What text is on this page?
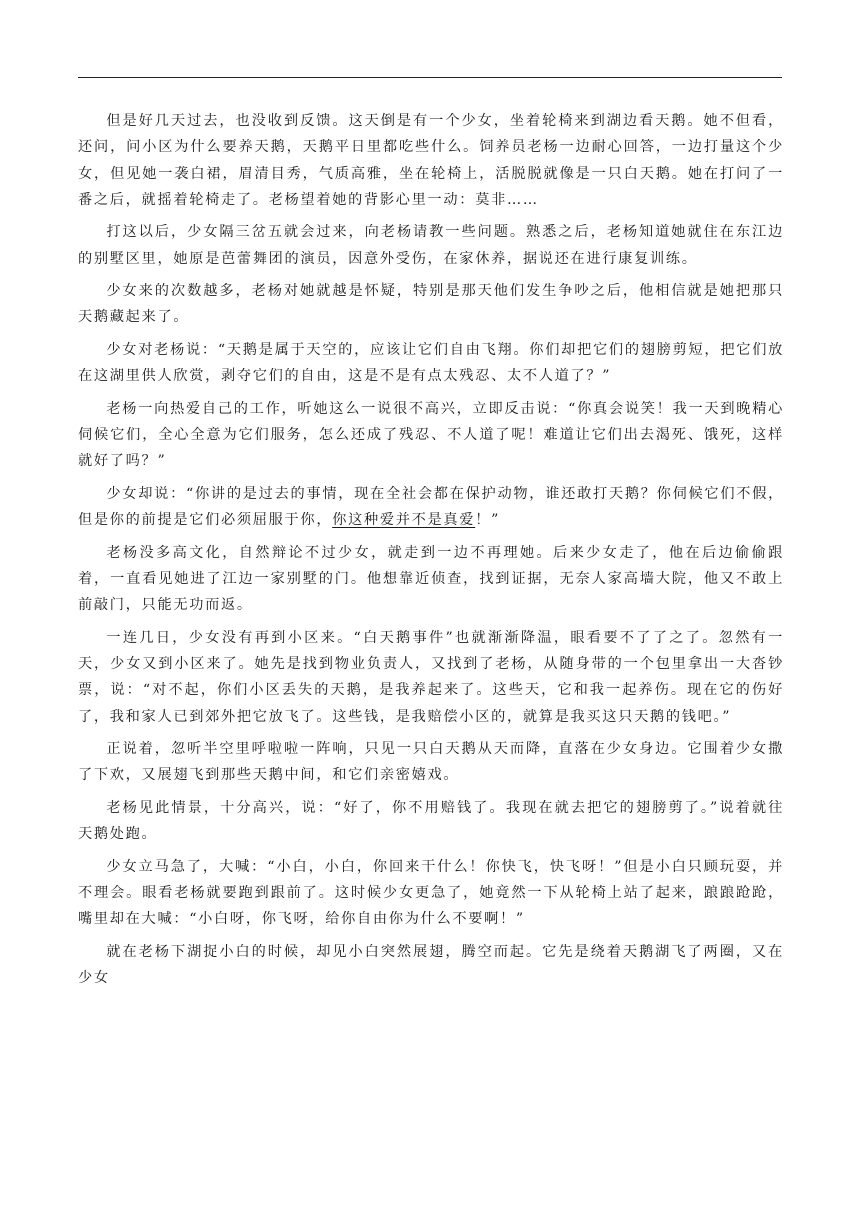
但是好几天过去，也没收到反馈。这天倒是有一个少女，坐着轮椅来到湖边看天鹅。她不但看，还问，问小区为什么要养天鹅，天鹅平日里都吃些什么。饲养员老杨一边耐心回答，一边打量这个少女，但见她一袭白裙，眉清目秀，气质高雅，坐在轮椅上，活脱脱就像是一只白天鹅。她在打问了一番之后，就摇着轮椅走了。老杨望着她的背影心里一动：莫非……

打这以后，少女隔三岔五就会过来，向老杨请教一些问题。熟悉之后，老杨知道她就住在东江边的别墅区里，她原是芭蕾舞团的演员，因意外受伤，在家休养，据说还在进行康复训练。

少女来的次数越多，老杨对她就越是怀疑，特别是那天他们发生争吵之后，他相信就是她把那只天鹅藏起来了。

少女对老杨说：“天鹅是属于天空的，应该让它们自由飞翔。你们却把它们的翅膀剪短，把它们放在这湖里供人欣赏，剥夺它们的自由，这是不是有点太残忍、太不人道了？”

老杨一向热爱自己的工作，听她这么一说很不高兴，立即反击说：“你真会说笑！我一天到晚精心伺候它们，全心全意为它们服务，怎么还成了残忍、不人道了呢！难道让它们出去渴死、饿死，这样就好了吗？”

少女却说：“你讲的是过去的事情，现在全社会都在保护动物，谁还敢打天鹅？你伺候它们不假，但是你的前提是它们必须屈服于你，你这种爱并不是真爱！”

老杨没多高文化，自然辩论不过少女，就走到一边不再理她。后来少女走了，他在后边偷偷跟着，一直看见她进了江边一家别墅的门。他想靠近侦查，找到证据，无奈人家高墙大院，他又不敢上前敲门，只能无功而返。

一连几日，少女没有再到小区来。“白天鹅事件”也就渐渐降温，眼看要不了了之了。忽然有一天，少女又到小区来了。她先是找到物业负责人，又找到了老杨，从随身带的一个包里拿出一大沓钞票，说：“对不起，你们小区丢失的天鹅，是我养起来了。这些天，它和我一起养伤。现在它的伤好了，我和家人已到郊外把它放飞了。这些钱，是我赔偿小区的，就算是我买这只天鹅的钱吧。”

正说着，忽听半空里呼啦啦一阵响，只见一只白天鹅从天而降，直落在少女身边。它围着少女撒了下欢，又展翅飞到那些天鹅中间，和它们亲密嬉戏。

老杨见此情景，十分高兴，说：“好了，你不用赔钱了。我现在就去把它的翅膀剪了。”说着就往天鹅处跑。

少女立马急了，大喊：“小白，小白，你回来干什么！你快飞，快飞呀！”但是小白只顾玩耍，并不理会。眼看老杨就要跑到跟前了。这时候少女更急了，她竟然一下从轮椅上站了起来，踉踉跄跄，嘴里却在大喊：“小白呀，你飞呀，给你自由你为什么不要啊！”

就在老杨下湖捉小白的时候，却见小白突然展翅，腾空而起。它先是绕着天鹅湖飞了两圈，又在少女
